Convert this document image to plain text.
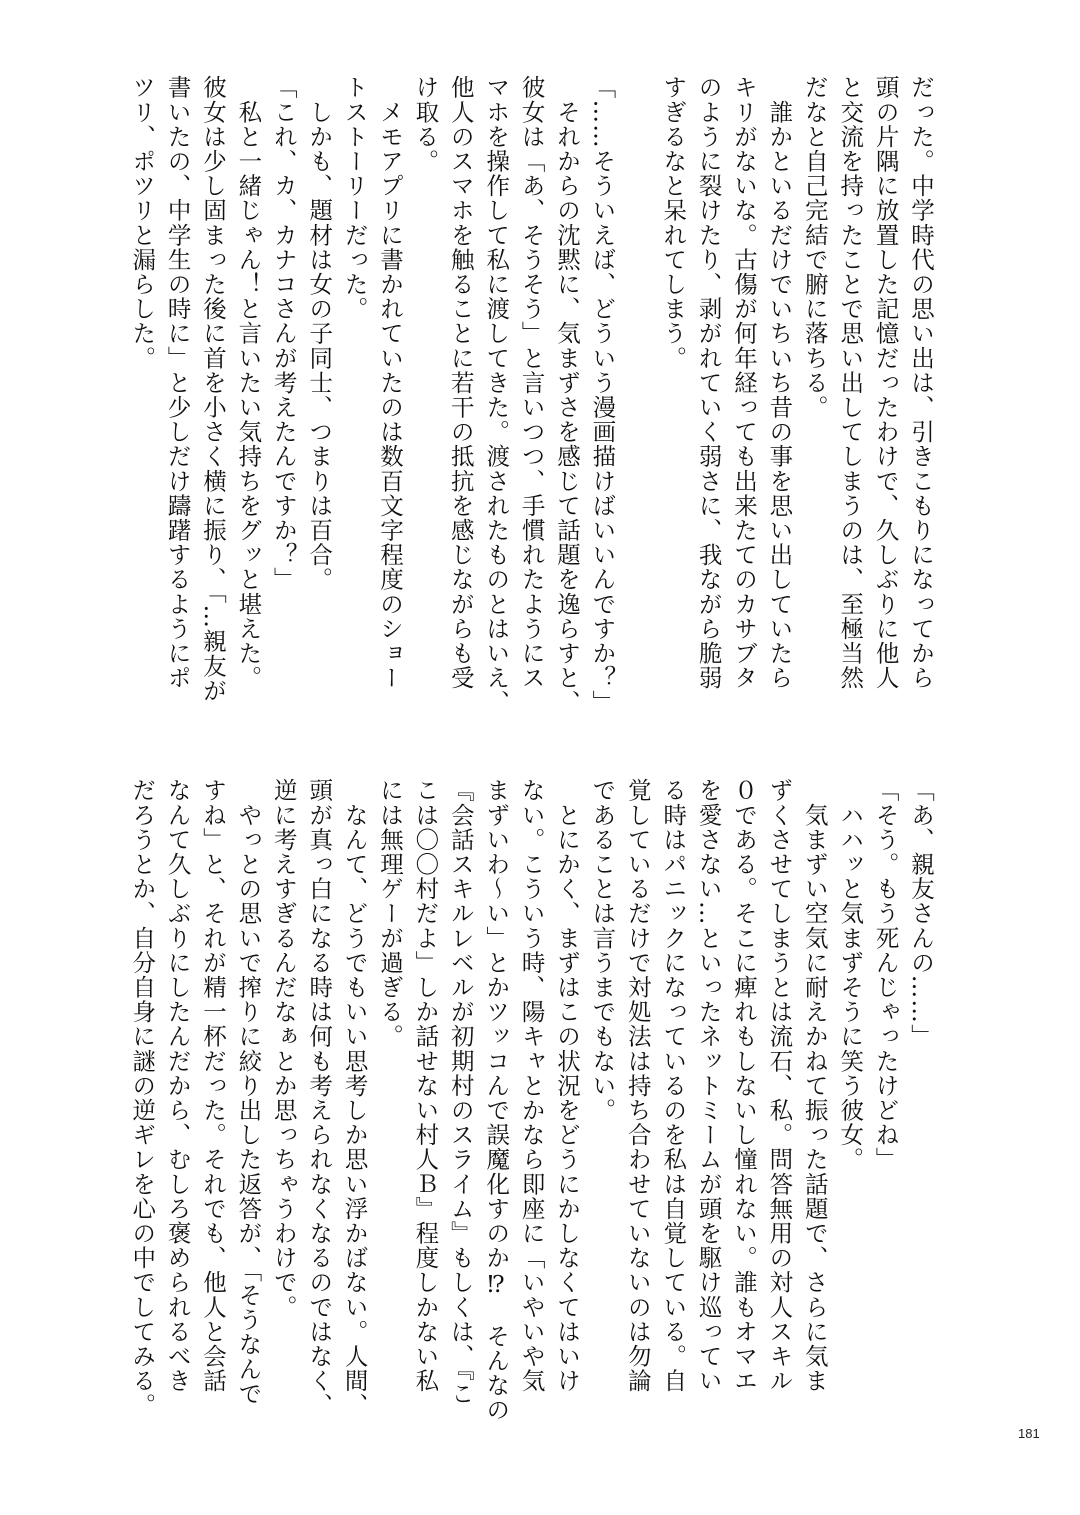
だった。中学時代の思い出は、引きこもりになってから
頭の片隅に放置した記憶だったわけで、久しぶりに他人
と交流を持ったことで思い出してしまうのは、至極当然
だなと自己完結で腑に落ちる。
　誰かといるだけでいちいち昔の事を思い出していたら
キリがないな。古傷が何年経っても出来たてのカサブタ
のように裂けたり、剥がれていく弱さに、我ながら脆弱
すぎるなと呆れてしまう。
「……そういえば、どういう漫画描けばいいんですか？」
　それからの沈黙に、気まずさを感じて話題を逸らすと、
彼女は「あ、そうそう」と言いつつ、手慣れたようにス
マホを操作して私に渡してきた。渡されたものとはいえ、
他人のスマホを触ることに若干の抵抗を感じながらも受
け取る。
　メモアプリに書かれていたのは数百文字程度のショー
トストーリーだった。
　しかも、題材は女の子同士、つまりは百合。
「これ、カ、カナコさんが考えたんですか？」
　私と一緒じゃん！と言いたい気持ちをグッと堪えた。
彼女は少し固まった後に首を小さく横に振り、「…親友が
書いたの、中学生の時に」と少しだけ躊躇するようにポ
ツリ、ポツリと漏らした。
「あ、親友さんの……」
「そう。もう死んじゃったけどね」
　ハハッと気まずそうに笑う彼女。
　気まずい空気に耐えかねて振った話題で、さらに気ま
ずくさせてしまうとは流石、私。問答無用の対人スキル
０である。そこに痺れもしないし憧れない。誰もオマエ
を愛さない…といったネットミームが頭を駆け巡ってい
る時はパニックになっているのを私は自覚している。自
覚しているだけで対処法は持ち合わせていないのは勿論
であることは言うまでもない。
　とにかく、まずはこの状況をどうにかしなくてはいけ
ない。こういう時、陽キャとかなら即座に「いやいや気
まずいわ～い」とかツッコんで誤魔化すのか⁉　そんなの
『会話スキルレベルが初期村のスライム』もしくは、『こ
こは〇〇村だよ」しか話せない村人Ｂ』程度しかない私
には無理ゲーが過ぎる。
　なんて、どうでもいい思考しか思い浮かばない。人間、
頭が真っ白になる時は何も考えられなくなるのではなく、
逆に考えすぎるんだなぁとか思っちゃうわけで。
　やっとの思いで搾りに絞り出した返答が、「そうなんで
すね」と、それが精一杯だった。それでも、他人と会話
なんて久しぶりにしたんだから、むしろ褒められるべき
だろうとか、自分自身に謎の逆ギレを心の中でしてみる。
181
